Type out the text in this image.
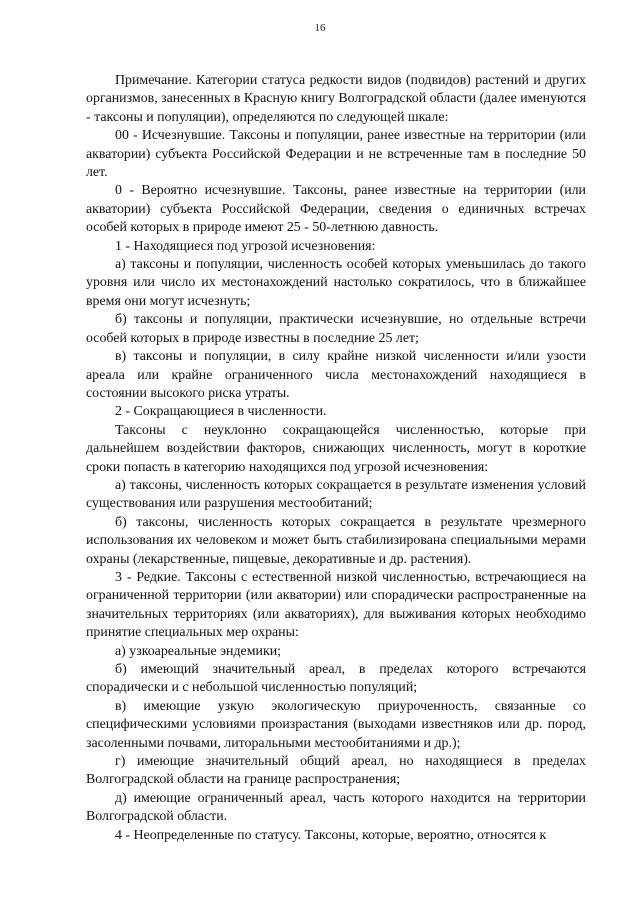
16

Примечание. Категории статуса редкости видов (подвидов) растений и других организмов, занесенных в Красную книгу Волгоградской области (далее именуются - таксоны и популяции), определяются по следующей шкале:

00 - Исчезнувшие. Таксоны и популяции, ранее известные на территории (или акватории) субъекта Российской Федерации и не встреченные там в последние 50 лет.

0 - Вероятно исчезнувшие. Таксоны, ранее известные на территории (или акватории) субъекта Российской Федерации, сведения о единичных встречах особей которых в природе имеют 25 - 50-летнюю давность.

1 - Находящиеся под угрозой исчезновения:

а) таксоны и популяции, численность особей которых уменьшилась до такого уровня или число их местонахождений настолько сократилось, что в ближайшее время они могут исчезнуть;

б) таксоны и популяции, практически исчезнувшие, но отдельные встречи особей которых в природе известны в последние 25 лет;

в) таксоны и популяции, в силу крайне низкой численности и/или узости ареала или крайне ограниченного числа местонахождений находящиеся в состоянии высокого риска утраты.

2 - Сокращающиеся в численности.

Таксоны с неуклонно сокращающейся численностью, которые при дальнейшем воздействии факторов, снижающих численность, могут в короткие сроки попасть в категорию находящихся под угрозой исчезновения:

а) таксоны, численность которых сокращается в результате изменения условий существования или разрушения местообитаний;

б) таксоны, численность которых сокращается в результате чрезмерного использования их человеком и может быть стабилизирована специальными мерами охраны (лекарственные, пищевые, декоративные и др. растения).

3 - Редкие. Таксоны с естественной низкой численностью, встречающиеся на ограниченной территории (или акватории) или спорадически распространенные на значительных территориях (или акваториях), для выживания которых необходимо принятие специальных мер охраны:

а) узкоареальные эндемики;

б) имеющий значительный ареал, в пределах которого встречаются спорадически и с небольшой численностью популяций;

в) имеющие узкую экологическую приуроченность, связанные со специфическими условиями произрастания (выходами известняков или др. пород, засоленными почвами, литоральными местообитаниями и др.);

г) имеющие значительный общий ареал, но находящиеся в пределах Волгоградской области на границе распространения;

д) имеющие ограниченный ареал, часть которого находится на территории Волгоградской области.

4 - Неопределенные по статусу. Таксоны, которые, вероятно, относятся к
